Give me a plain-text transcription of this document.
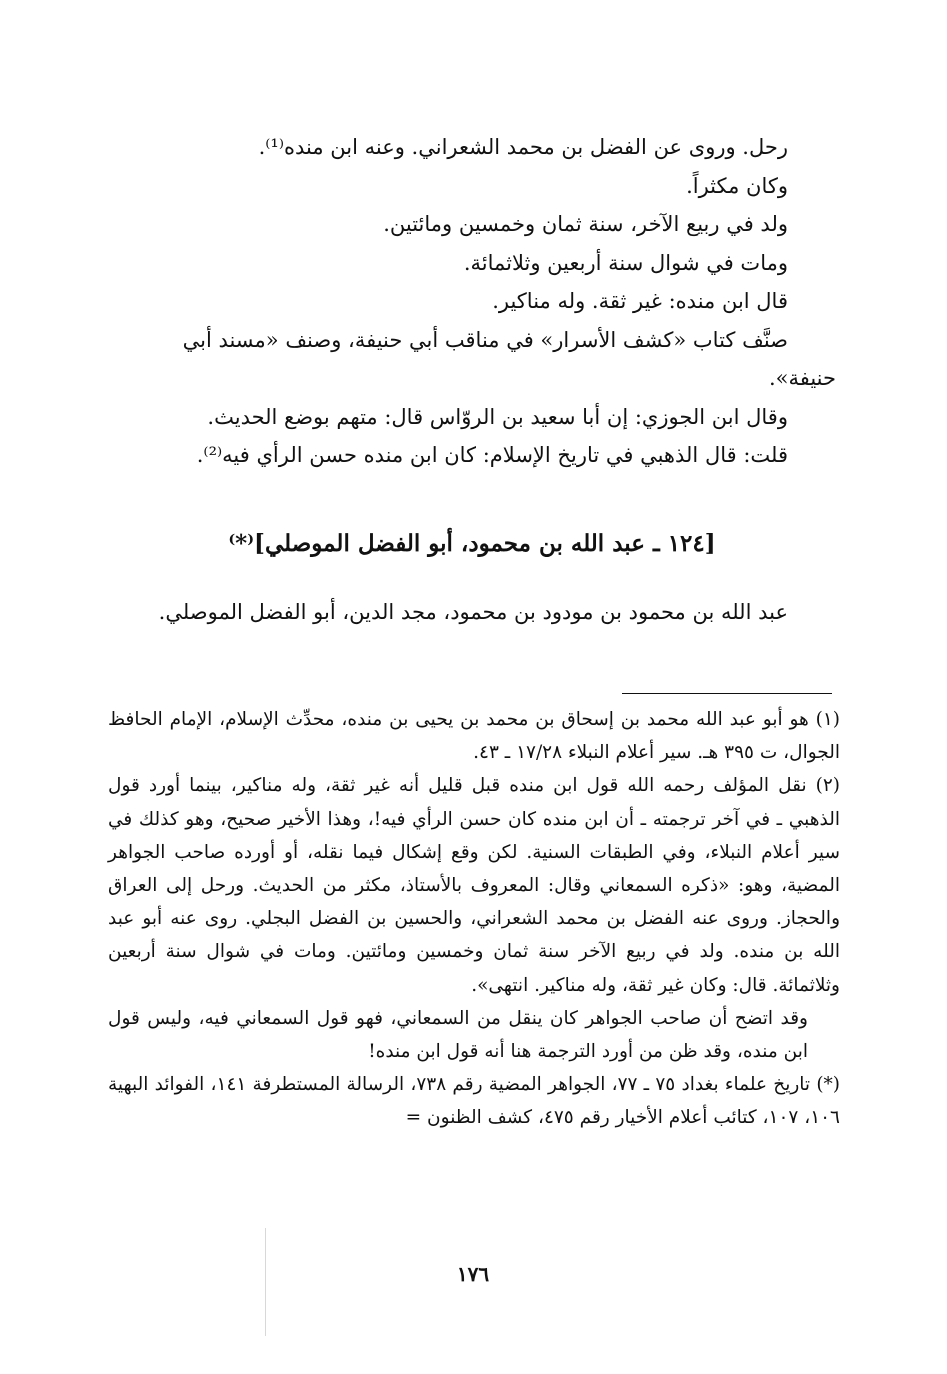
رحل. وروى عن الفضل بن محمد الشعراني. وعنه ابن منده⁽¹⁾.

وكان مكثراً.

ولد في ربيع الآخر، سنة ثمان وخمسين ومائتين.

ومات في شوال سنة أربعين وثلاثمائة.

قال ابن منده: غير ثقة. وله مناكير.

صنَّف كتاب «كشف الأسرار» في مناقب أبي حنيفة، وصنف «مسند أبي

حنيفة».

وقال ابن الجوزي: إن أبا سعيد بن الروّاس قال: متهم بوضع الحديث.

قلت: قال الذهبي في تاريخ الإسلام: كان ابن منده حسن الرأي فيه⁽²⁾.

[١٢٤ ـ عبد الله بن محمود، أبو الفضل الموصلي]⁽*⁾

عبد الله بن محمود بن مودود بن محمود، مجد الدين، أبو الفضل الموصلي.

(١) هو أبو عبد الله محمد بن إسحاق بن محمد بن يحيى بن منده، محدِّث الإسلام، الإمام الحافظ الجوال، ت ٣٩٥ هـ. سير أعلام النبلاء ١٧/٢٨ ـ ٤٣.

(٢) نقل المؤلف رحمه الله قول ابن منده قبل قليل أنه غير ثقة، وله مناكير، بينما أورد قول الذهبي ـ في آخر ترجمته ـ أن ابن منده كان حسن الرأي فيه!، وهذا الأخير صحيح، وهو كذلك في سير أعلام النبلاء، وفي الطبقات السنية. لكن وقع إشكال فيما نقله، أو أورده صاحب الجواهر المضية، وهو: «ذكره السمعاني وقال: المعروف بالأستاذ، مكثر من الحديث. ورحل إلى العراق والحجاز. وروى عنه الفضل بن محمد الشعراني، والحسين بن الفضل البجلي. روى عنه أبو عبد الله بن منده. ولد في ربيع الآخر سنة ثمان وخمسين ومائتين. ومات في شوال سنة أربعين وثلاثمائة. قال: وكان غير ثقة، وله مناكير. انتهى».

وقد اتضح أن صاحب الجواهر كان ينقل من السمعاني، فهو قول السمعاني فيه، وليس قول ابن منده، وقد ظن من أورد الترجمة هنا أنه قول ابن منده!

(*) تاريخ علماء بغداد ٧٥ ـ ٧٧، الجواهر المضية رقم ٧٣٨، الرسالة المستطرفة ١٤١، الفوائد البهية ١٠٦، ١٠٧، كتائب أعلام الأخيار رقم ٤٧٥، كشف الظنون =

١٧٦
